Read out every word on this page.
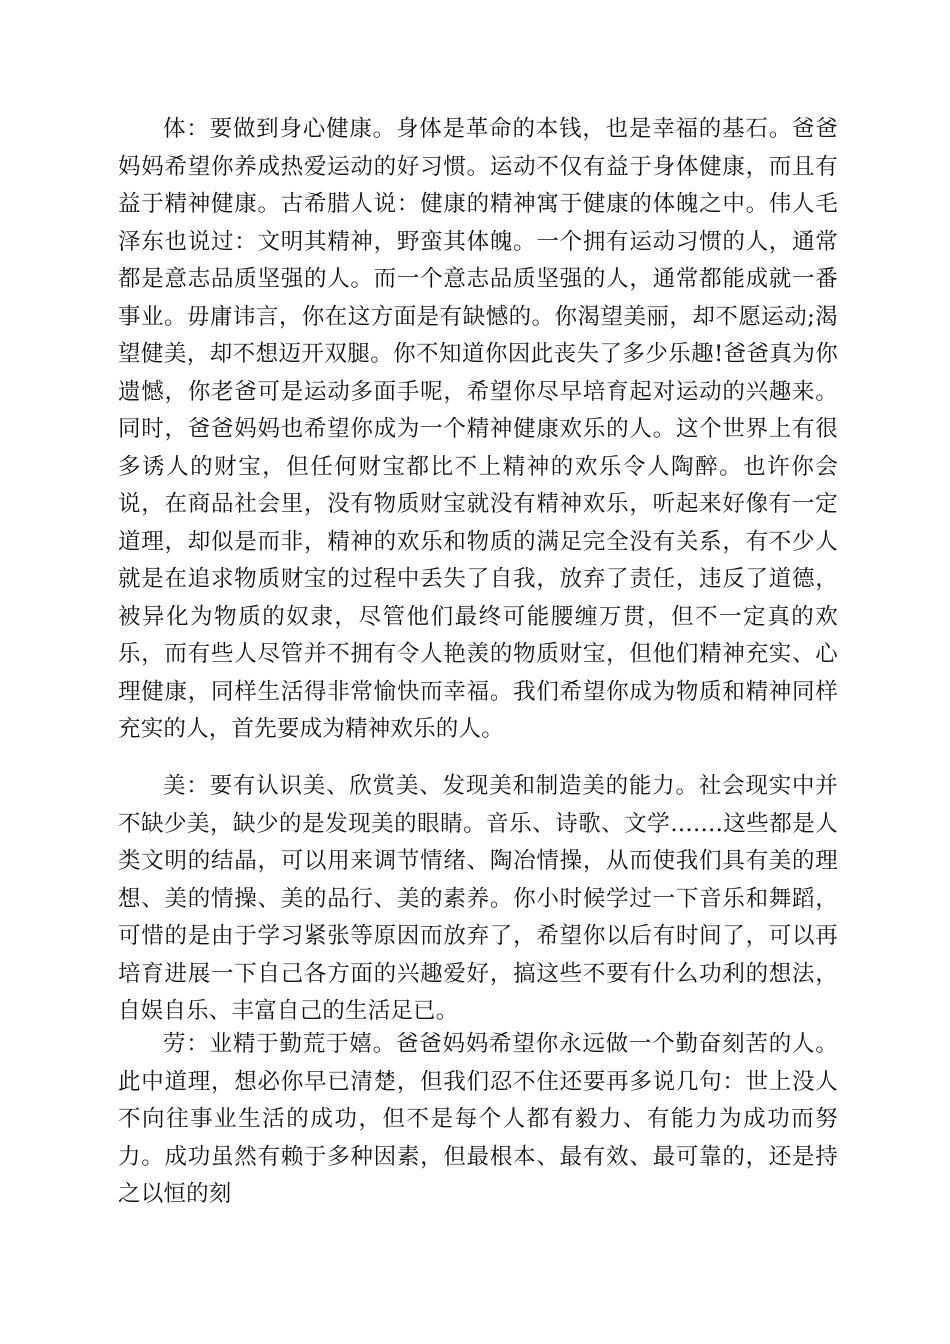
体：要做到身心健康。身体是革命的本钱，也是幸福的基石。爸爸妈妈希望你养成热爱运动的好习惯。运动不仅有益于身体健康，而且有益于精神健康。古希腊人说：健康的精神寓于健康的体魄之中。伟人毛泽东也说过：文明其精神，野蛮其体魄。一个拥有运动习惯的人，通常都是意志品质坚强的人。而一个意志品质坚强的人，通常都能成就一番事业。毋庸讳言，你在这方面是有缺憾的。你渴望美丽，却不愿运动;渴望健美，却不想迈开双腿。你不知道你因此丧失了多少乐趣!爸爸真为你遗憾，你老爸可是运动多面手呢，希望你尽早培育起对运动的兴趣来。同时，爸爸妈妈也希望你成为一个精神健康欢乐的人。这个世界上有很多诱人的财宝，但任何财宝都比不上精神的欢乐令人陶醉。也许你会说，在商品社会里，没有物质财宝就没有精神欢乐，听起来好像有一定道理，却似是而非，精神的欢乐和物质的满足完全没有关系，有不少人就是在追求物质财宝的过程中丢失了自我，放弃了责任，违反了道德，被异化为物质的奴隶，尽管他们最终可能腰缠万贯，但不一定真的欢乐，而有些人尽管并不拥有令人艳羡的物质财宝，但他们精神充实、心理健康，同样生活得非常愉快而幸福。我们希望你成为物质和精神同样充实的人，首先要成为精神欢乐的人。

美：要有认识美、欣赏美、发现美和制造美的能力。社会现实中并不缺少美，缺少的是发现美的眼睛。音乐、诗歌、文学…….这些都是人类文明的结晶，可以用来调节情绪、陶冶情操，从而使我们具有美的理想、美的情操、美的品行、美的素养。你小时候学过一下音乐和舞蹈，可惜的是由于学习紧张等原因而放弃了，希望你以后有时间了，可以再培育进展一下自己各方面的兴趣爱好，搞这些不要有什么功利的想法，自娱自乐、丰富自己的生活足已。

劳：业精于勤荒于嬉。爸爸妈妈希望你永远做一个勤奋刻苦的人。此中道理，想必你早已清楚，但我们忍不住还要再多说几句：世上没人不向往事业生活的成功，但不是每个人都有毅力、有能力为成功而努力。成功虽然有赖于多种因素，但最根本、最有效、最可靠的，还是持之以恒的刻
